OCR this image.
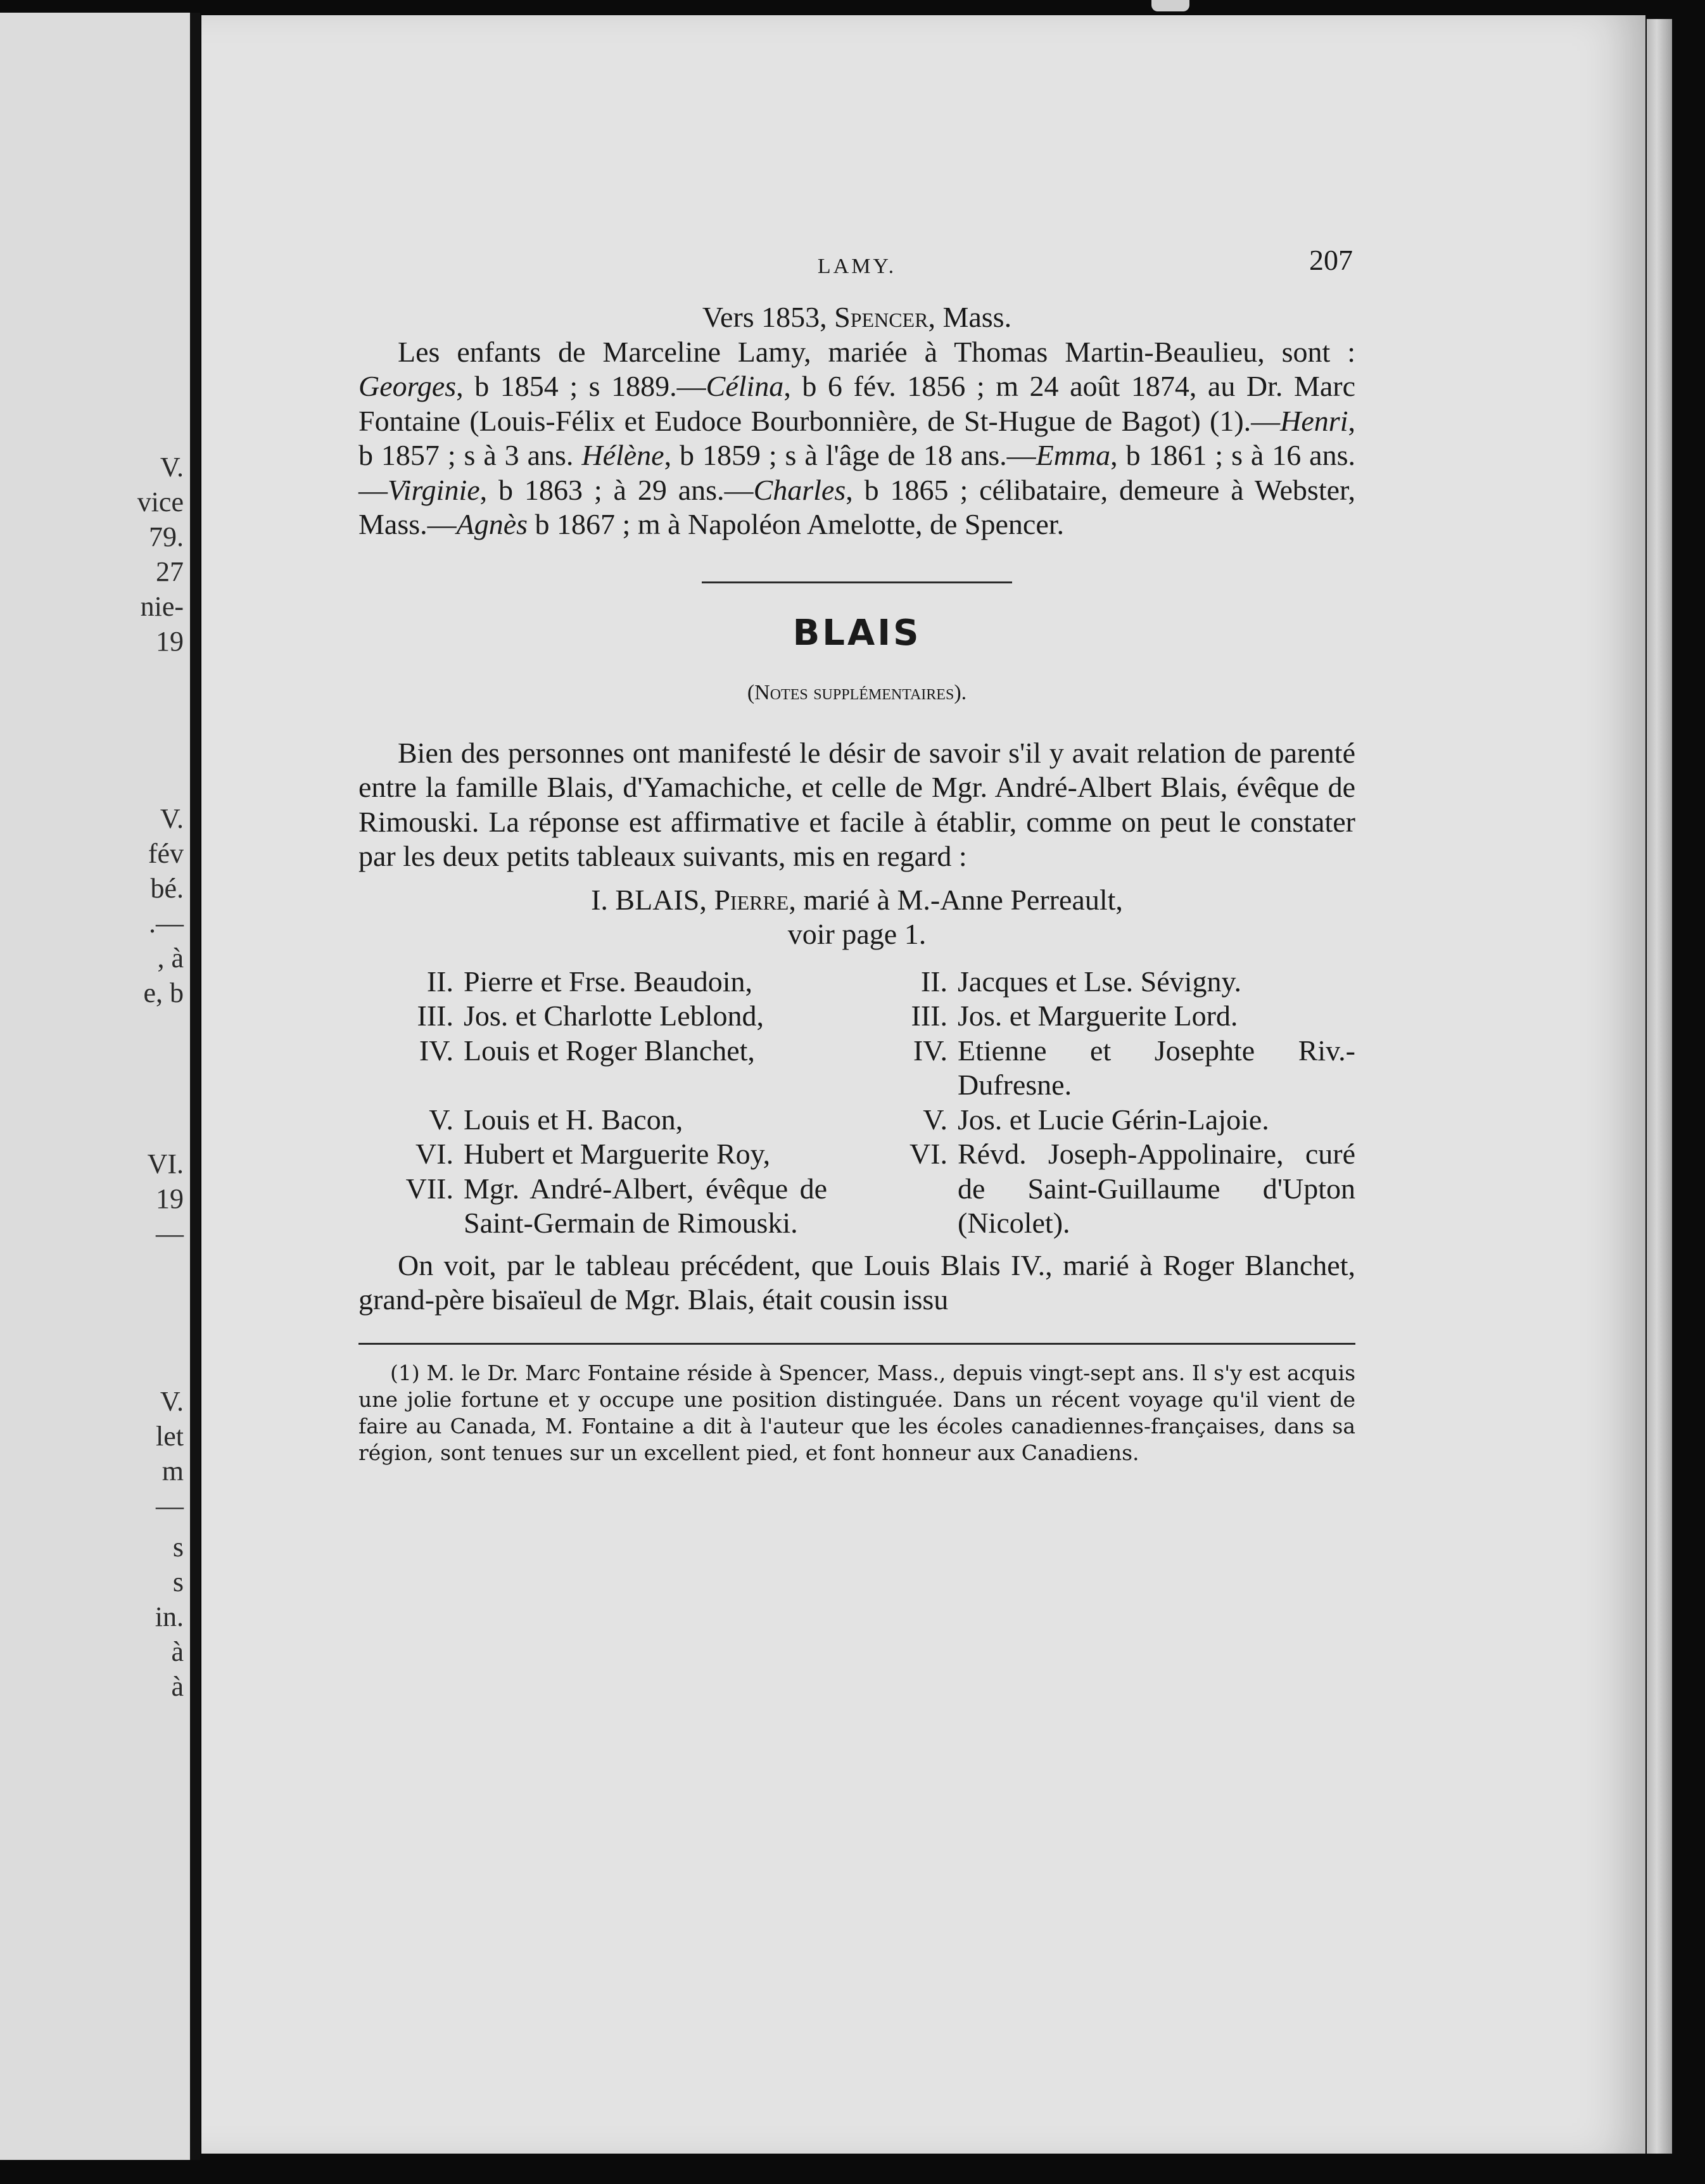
V.
vice
79.
27
nie-
19
V.
fév
bé.
.—
, à
e, b
VI.
19
—
V.
let
m
—
s
s
in.
à
à
LAMY.	207

Vers 1853, Spencer, Mass.

Les enfants de Marceline Lamy, mariée à Thomas Martin-Beaulieu, sont : Georges, b 1854 ; s 1889.—Célina, b 6 fév. 1856 ; m 24 août 1874, au Dr. Marc Fontaine (Louis-Félix et Eudoce Bourbonnière, de St-Hugue de Bagot) (1).—Henri, b 1857 ; s à 3 ans. Hélène, b 1859 ; s à l'âge de 18 ans.—Emma, b 1861 ; s à 16 ans. —Virginie, b 1863 ; à 29 ans.—Charles, b 1865 ; célibataire, demeure à Webster, Mass.—Agnès b 1867 ; m à Napoléon Amelotte, de Spencer.

BLAIS
(Notes supplémentaires).

Bien des personnes ont manifesté le désir de savoir s'il y avait relation de parenté entre la famille Blais, d'Yamachiche, et celle de Mgr. André-Albert Blais, évêque de Rimouski. La réponse est affirmative et facile à établir, comme on peut le constater par les deux petits tableaux suivants, mis en regard :

I. BLAIS, Pierre, marié à M.-Anne Perreault,
voir page 1.
II. Pierre et Frse. Beaudoin,
III. Jos. et Charlotte Leblond,
IV. Louis et Roger Blanchet,
V. Louis et H. Bacon,
VI. Hubert et Marguerite Roy,
VII. Mgr. André-Albert, évêque de Saint-Germain de Rimouski.
II. Jacques et Lse. Sévigny.
III. Jos. et Marguerite Lord.
IV. Etienne et Josephte Riv.-Dufresne.
V. Jos. et Lucie Gérin-Lajoie.
VI. Révd. Joseph-Appolinaire, curé de Saint-Guillaume d'Upton (Nicolet).

On voit, par le tableau précédent, que Louis Blais IV., marié à Roger Blanchet, grand-père bisaïeul de Mgr. Blais, était cousin issu

(1) M. le Dr. Marc Fontaine réside à Spencer, Mass., depuis vingt-sept ans. Il s'y est acquis une jolie fortune et y occupe une position distinguée. Dans un récent voyage qu'il vient de faire au Canada, M. Fontaine a dit à l'auteur que les écoles canadiennes-françaises, dans sa région, sont tenues sur un excellent pied, et font honneur aux Canadiens.
